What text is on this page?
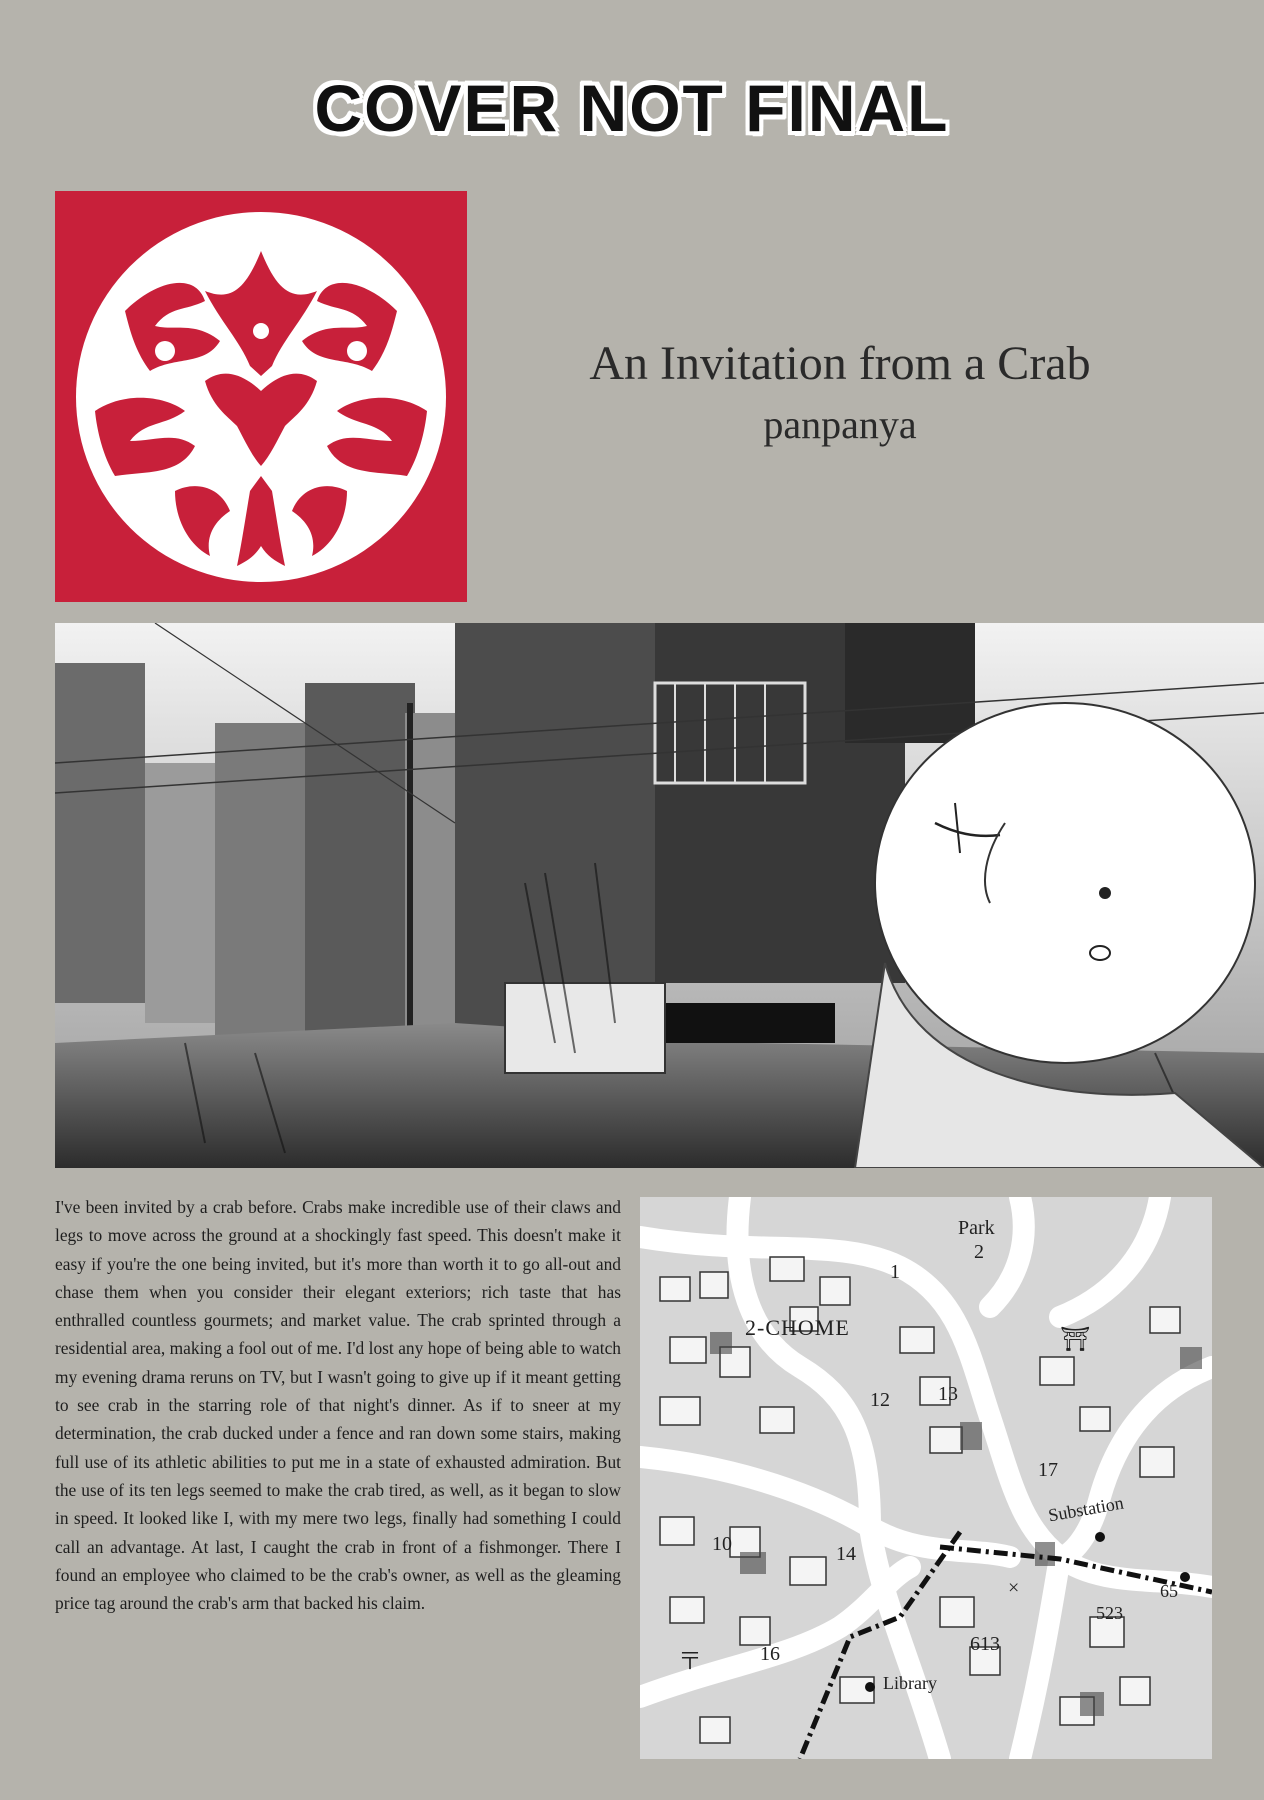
COVER NOT FINAL
An Invitation from a Crab
panpanya
I've been invited by a crab before. Crabs make incredible use of their claws and legs to move across the ground at a shockingly fast speed. This doesn't make it easy if you're the one being invited, but it's more than worth it to go all-out and chase them when you consider their elegant exteriors; rich taste that has enthralled countless gourmets; and market value. The crab sprinted through a residential area, making a fool out of me. I'd lost any hope of being able to watch my evening drama reruns on TV, but I wasn't going to give up if it meant getting to see crab in the starring role of that night's dinner. As if to sneer at my determination, the crab ducked under a fence and ran down some stairs, making full use of its athletic abilities to put me in a state of exhausted admiration. But the use of its ten legs seemed to make the crab tired, as well, as it began to slow in speed. It looked like I, with my mere two legs, finally had something I could call an advantage. At last, I caught the crab in front of a fishmonger. There I found an employee who claimed to be the crab's owner, as well as the gleaming price tag around the crab's arm that backed his claim.
Park
2
2-CHOME	⛩
1
12 13
17
Substation
10	14
×
523
65
16	613
Library
〒
